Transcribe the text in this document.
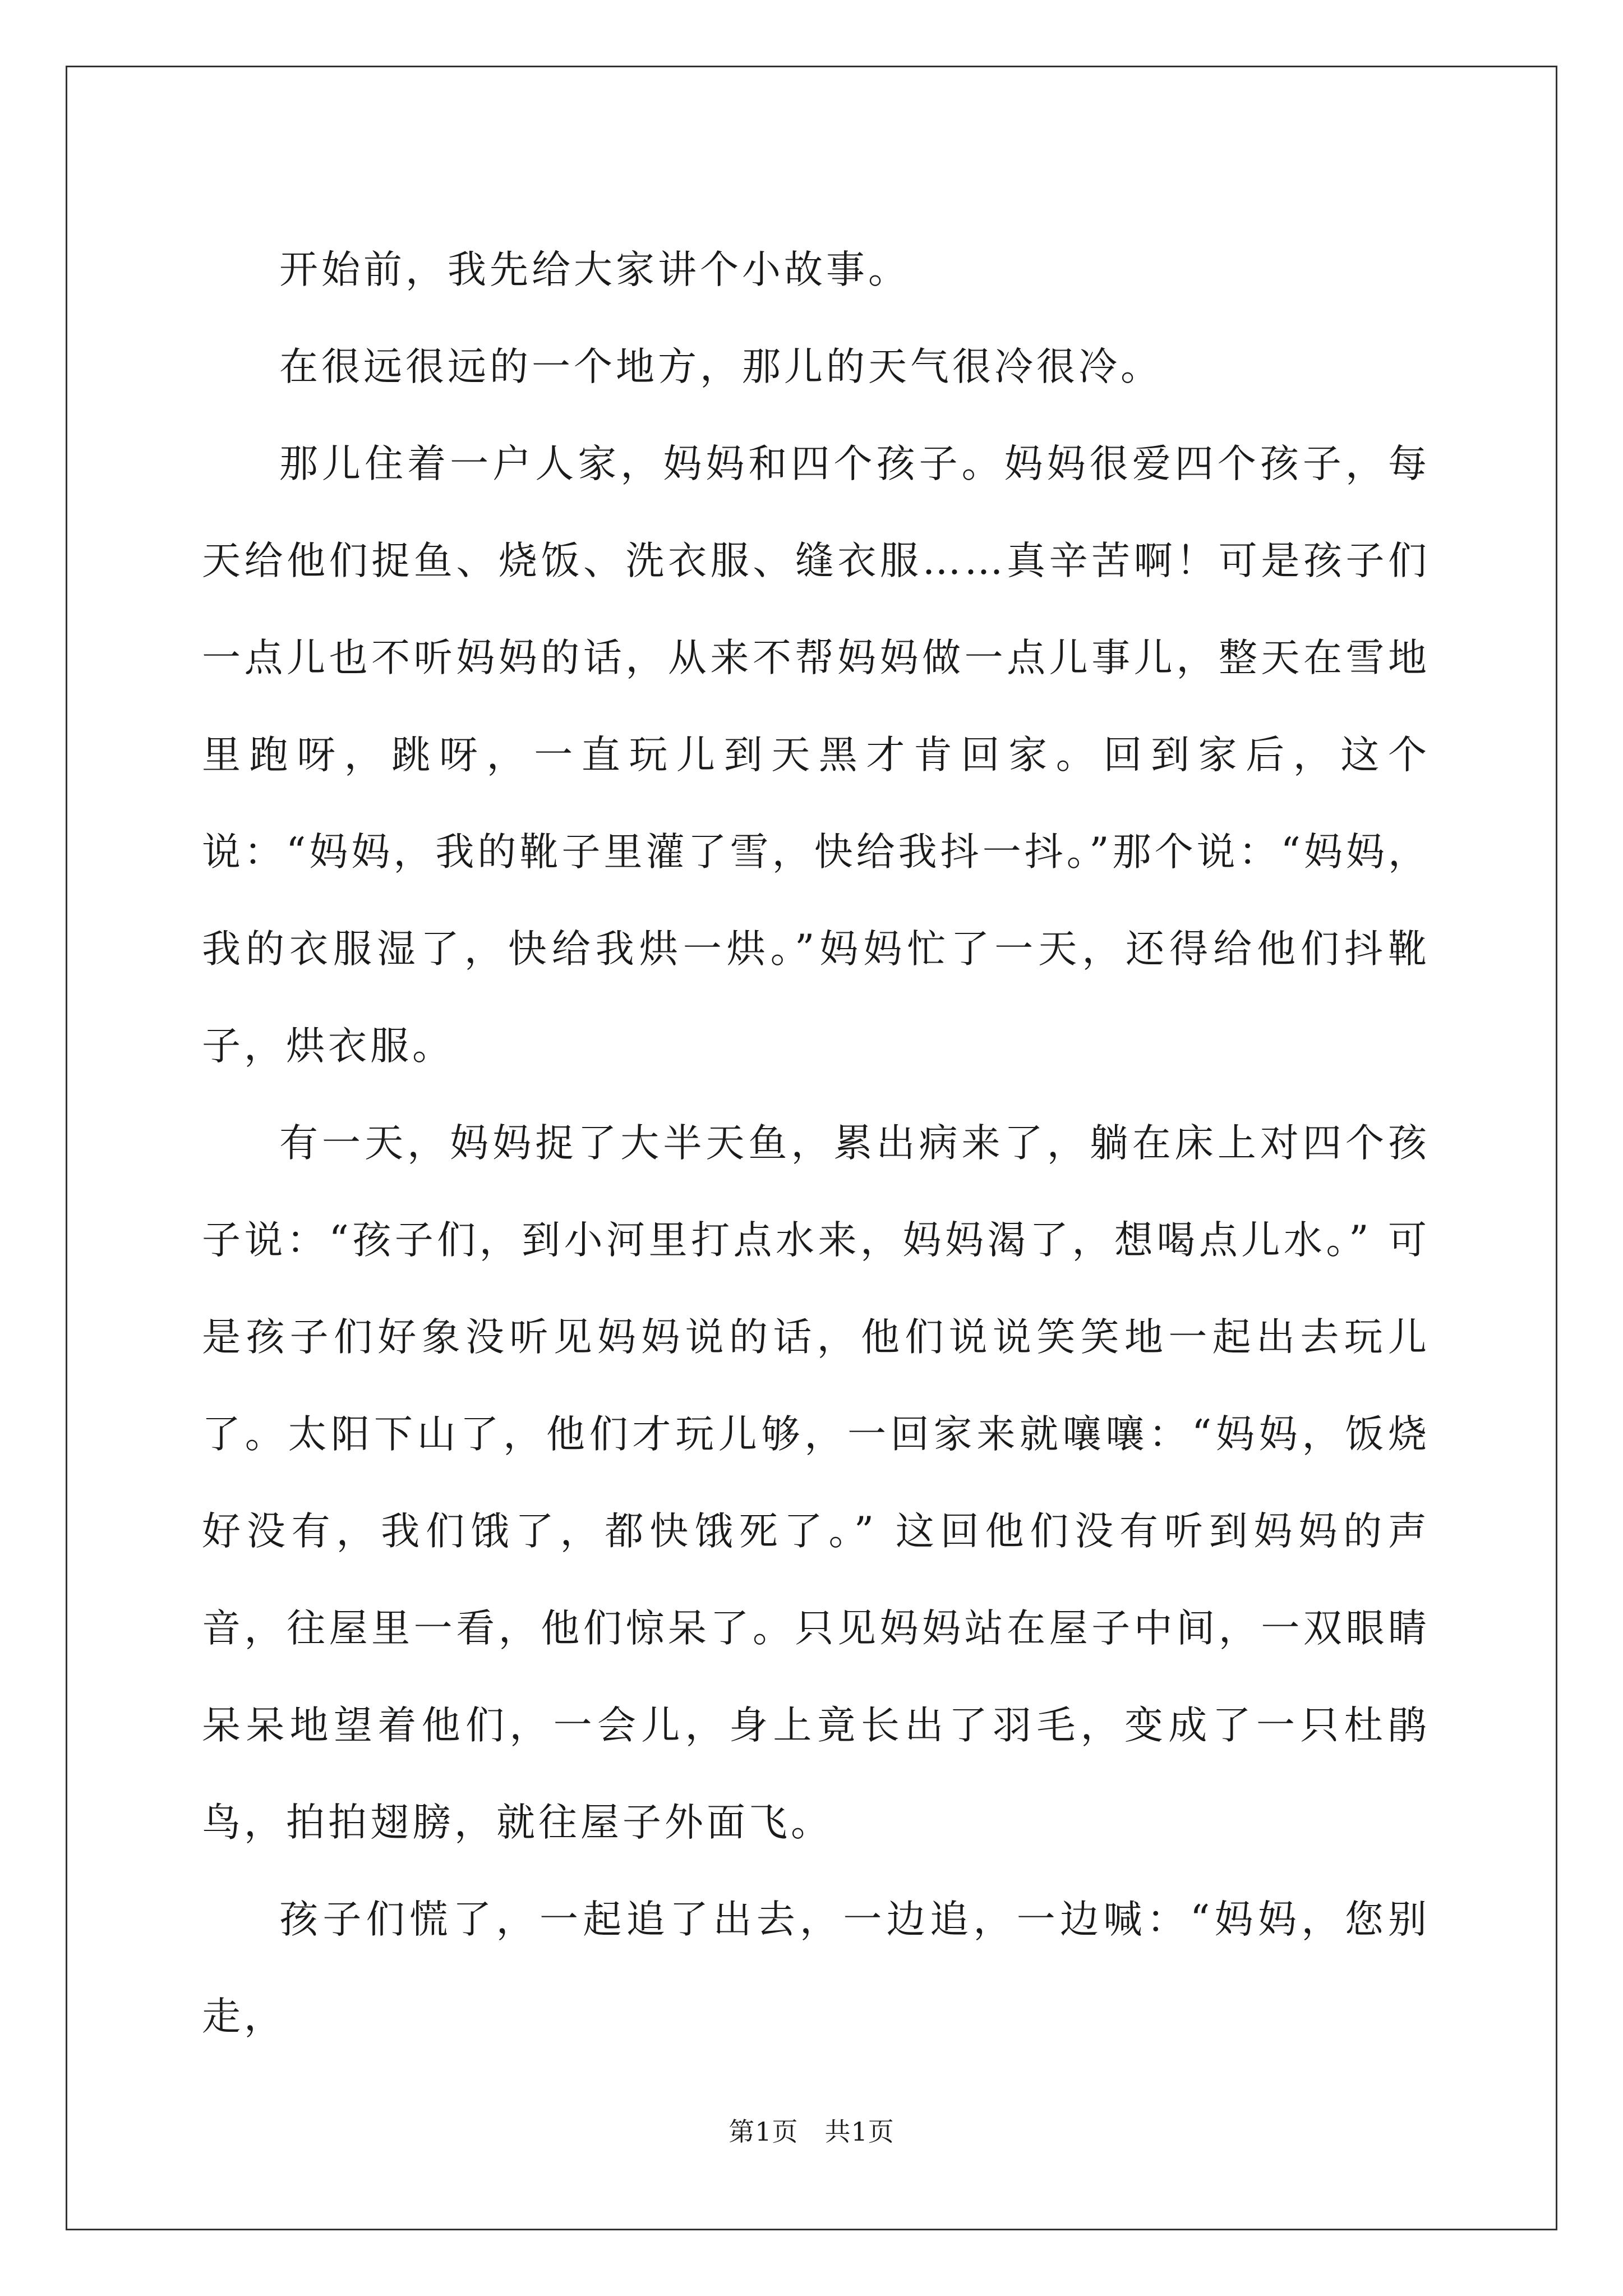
开始前，我先给大家讲个小故事。

在很远很远的一个地方，那儿的天气很冷很冷。

那儿住着一户人家，妈妈和四个孩子。妈妈很爱四个孩子，每天给他们捉鱼、烧饭、洗衣服、缝衣服……真辛苦啊！可是孩子们一点儿也不听妈妈的话，从来不帮妈妈做一点儿事儿，整天在雪地里跑呀，跳呀，一直玩儿到天黑才肯回家。回到家后，这个说：“妈妈，我的靴子里灌了雪，快给我抖一抖。”那个说：“妈妈，我的衣服湿了，快给我烘一烘。”妈妈忙了一天，还得给他们抖靴子，烘衣服。

有一天，妈妈捉了大半天鱼，累出病来了，躺在床上对四个孩子说：“孩子们，到小河里打点水来，妈妈渴了，想喝点儿水。” 可是孩子们好象没听见妈妈说的话，他们说说笑笑地一起出去玩儿了。太阳下山了，他们才玩儿够，一回家来就嚷嚷：“妈妈，饭烧好没有，我们饿了，都快饿死了。” 这回他们没有听到妈妈的声音，往屋里一看，他们惊呆了。只见妈妈站在屋子中间，一双眼睛呆呆地望着他们，一会儿，身上竟长出了羽毛，变成了一只杜鹃鸟，拍拍翅膀，就往屋子外面飞。

孩子们慌了，一起追了出去，一边追，一边喊：“妈妈，您别走，

第1页　共1页
